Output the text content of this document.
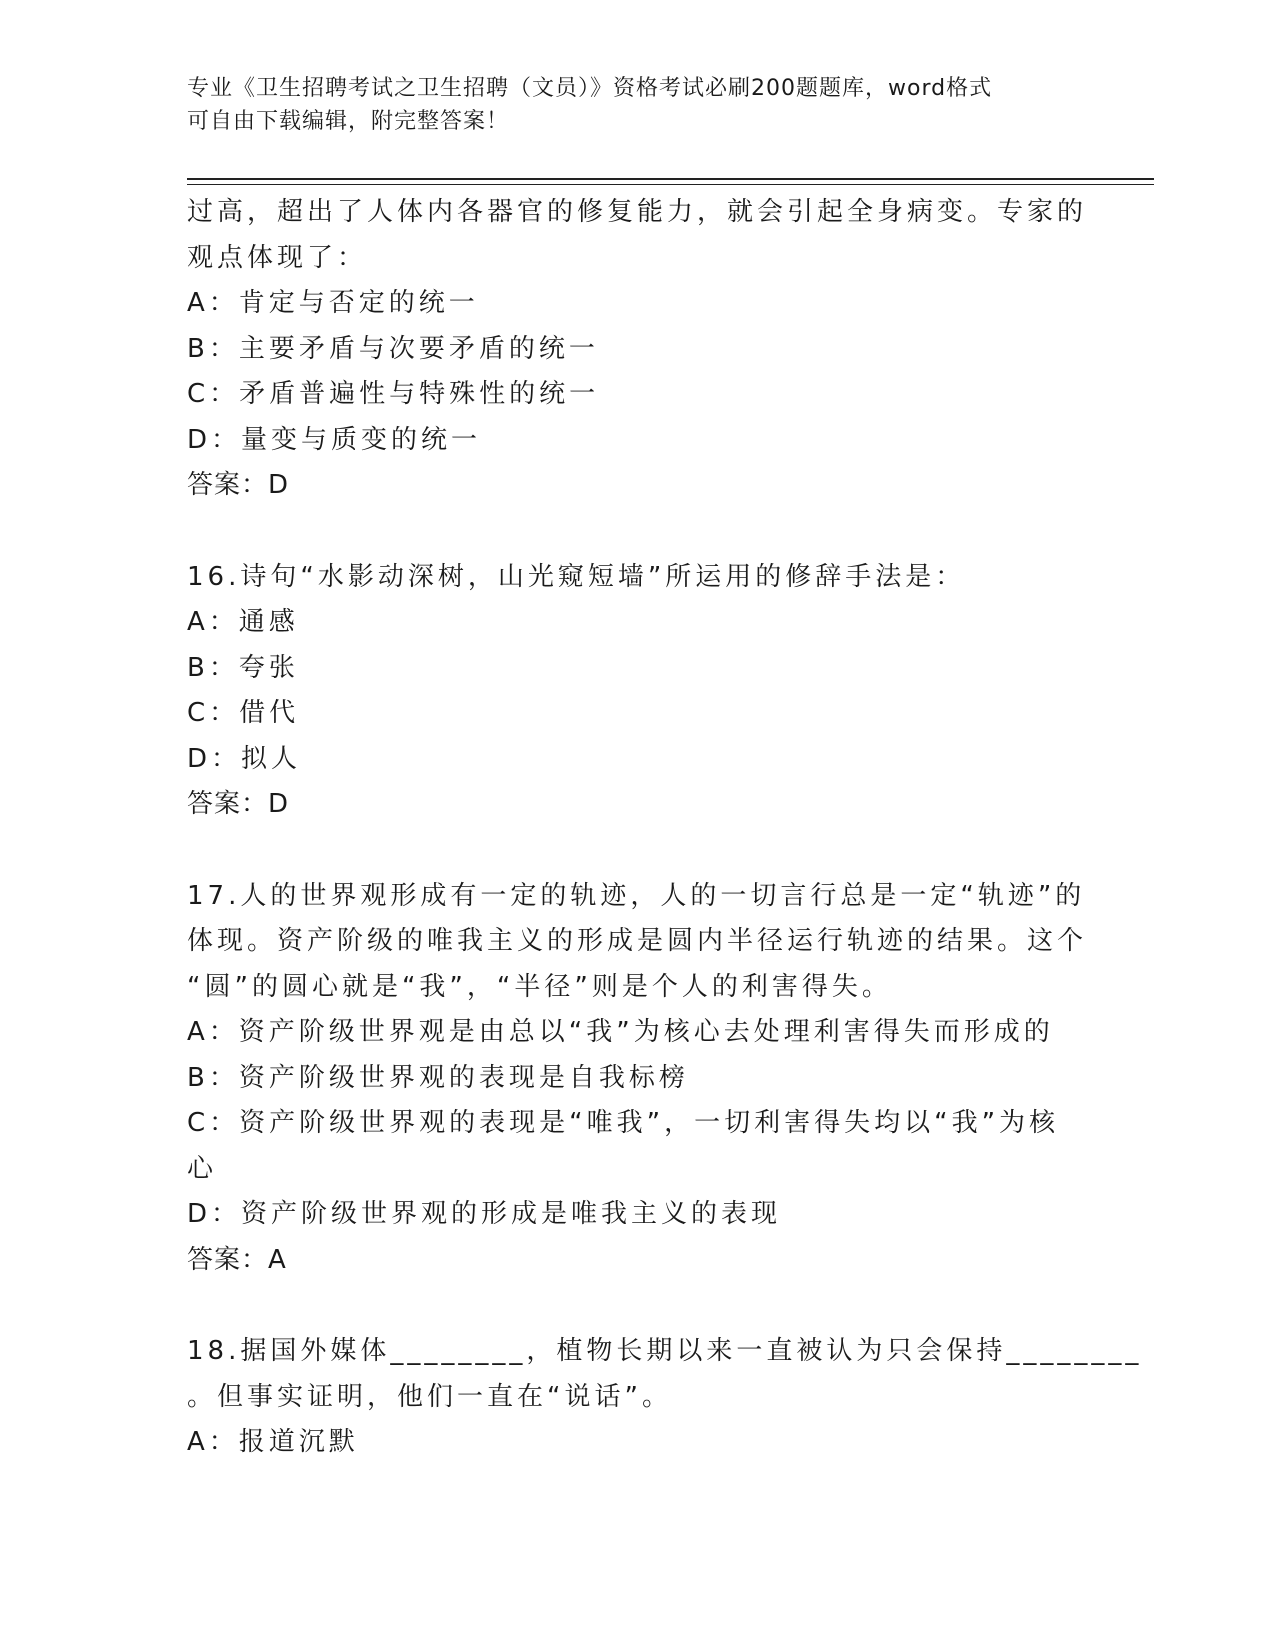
专业《卫生招聘考试之卫生招聘（文员）》资格考试必刷200题题库，word格式
可自由下载编辑，附完整答案！
过高，超出了人体内各器官的修复能力，就会引起全身病变。专家的
观点体现了：
A：肯定与否定的统一
B：主要矛盾与次要矛盾的统一
C：矛盾普遍性与特殊性的统一
D：量变与质变的统一
答案：D
16.诗句“水影动深树，山光窥短墙”所运用的修辞手法是：
A：通感
B：夸张
C：借代
D：拟人
答案：D
17.人的世界观形成有一定的轨迹，人的一切言行总是一定“轨迹”的
体现。资产阶级的唯我主义的形成是圆内半径运行轨迹的结果。这个
“圆”的圆心就是“我”，“半径”则是个人的利害得失。
A：资产阶级世界观是由总以“我”为核心去处理利害得失而形成的
B：资产阶级世界观的表现是自我标榜
C：资产阶级世界观的表现是“唯我”，一切利害得失均以“我”为核
心
D：资产阶级世界观的形成是唯我主义的表现
答案：A
18.据国外媒体________，植物长期以来一直被认为只会保持________
。但事实证明，他们一直在“说话”。
A：报道沉默
